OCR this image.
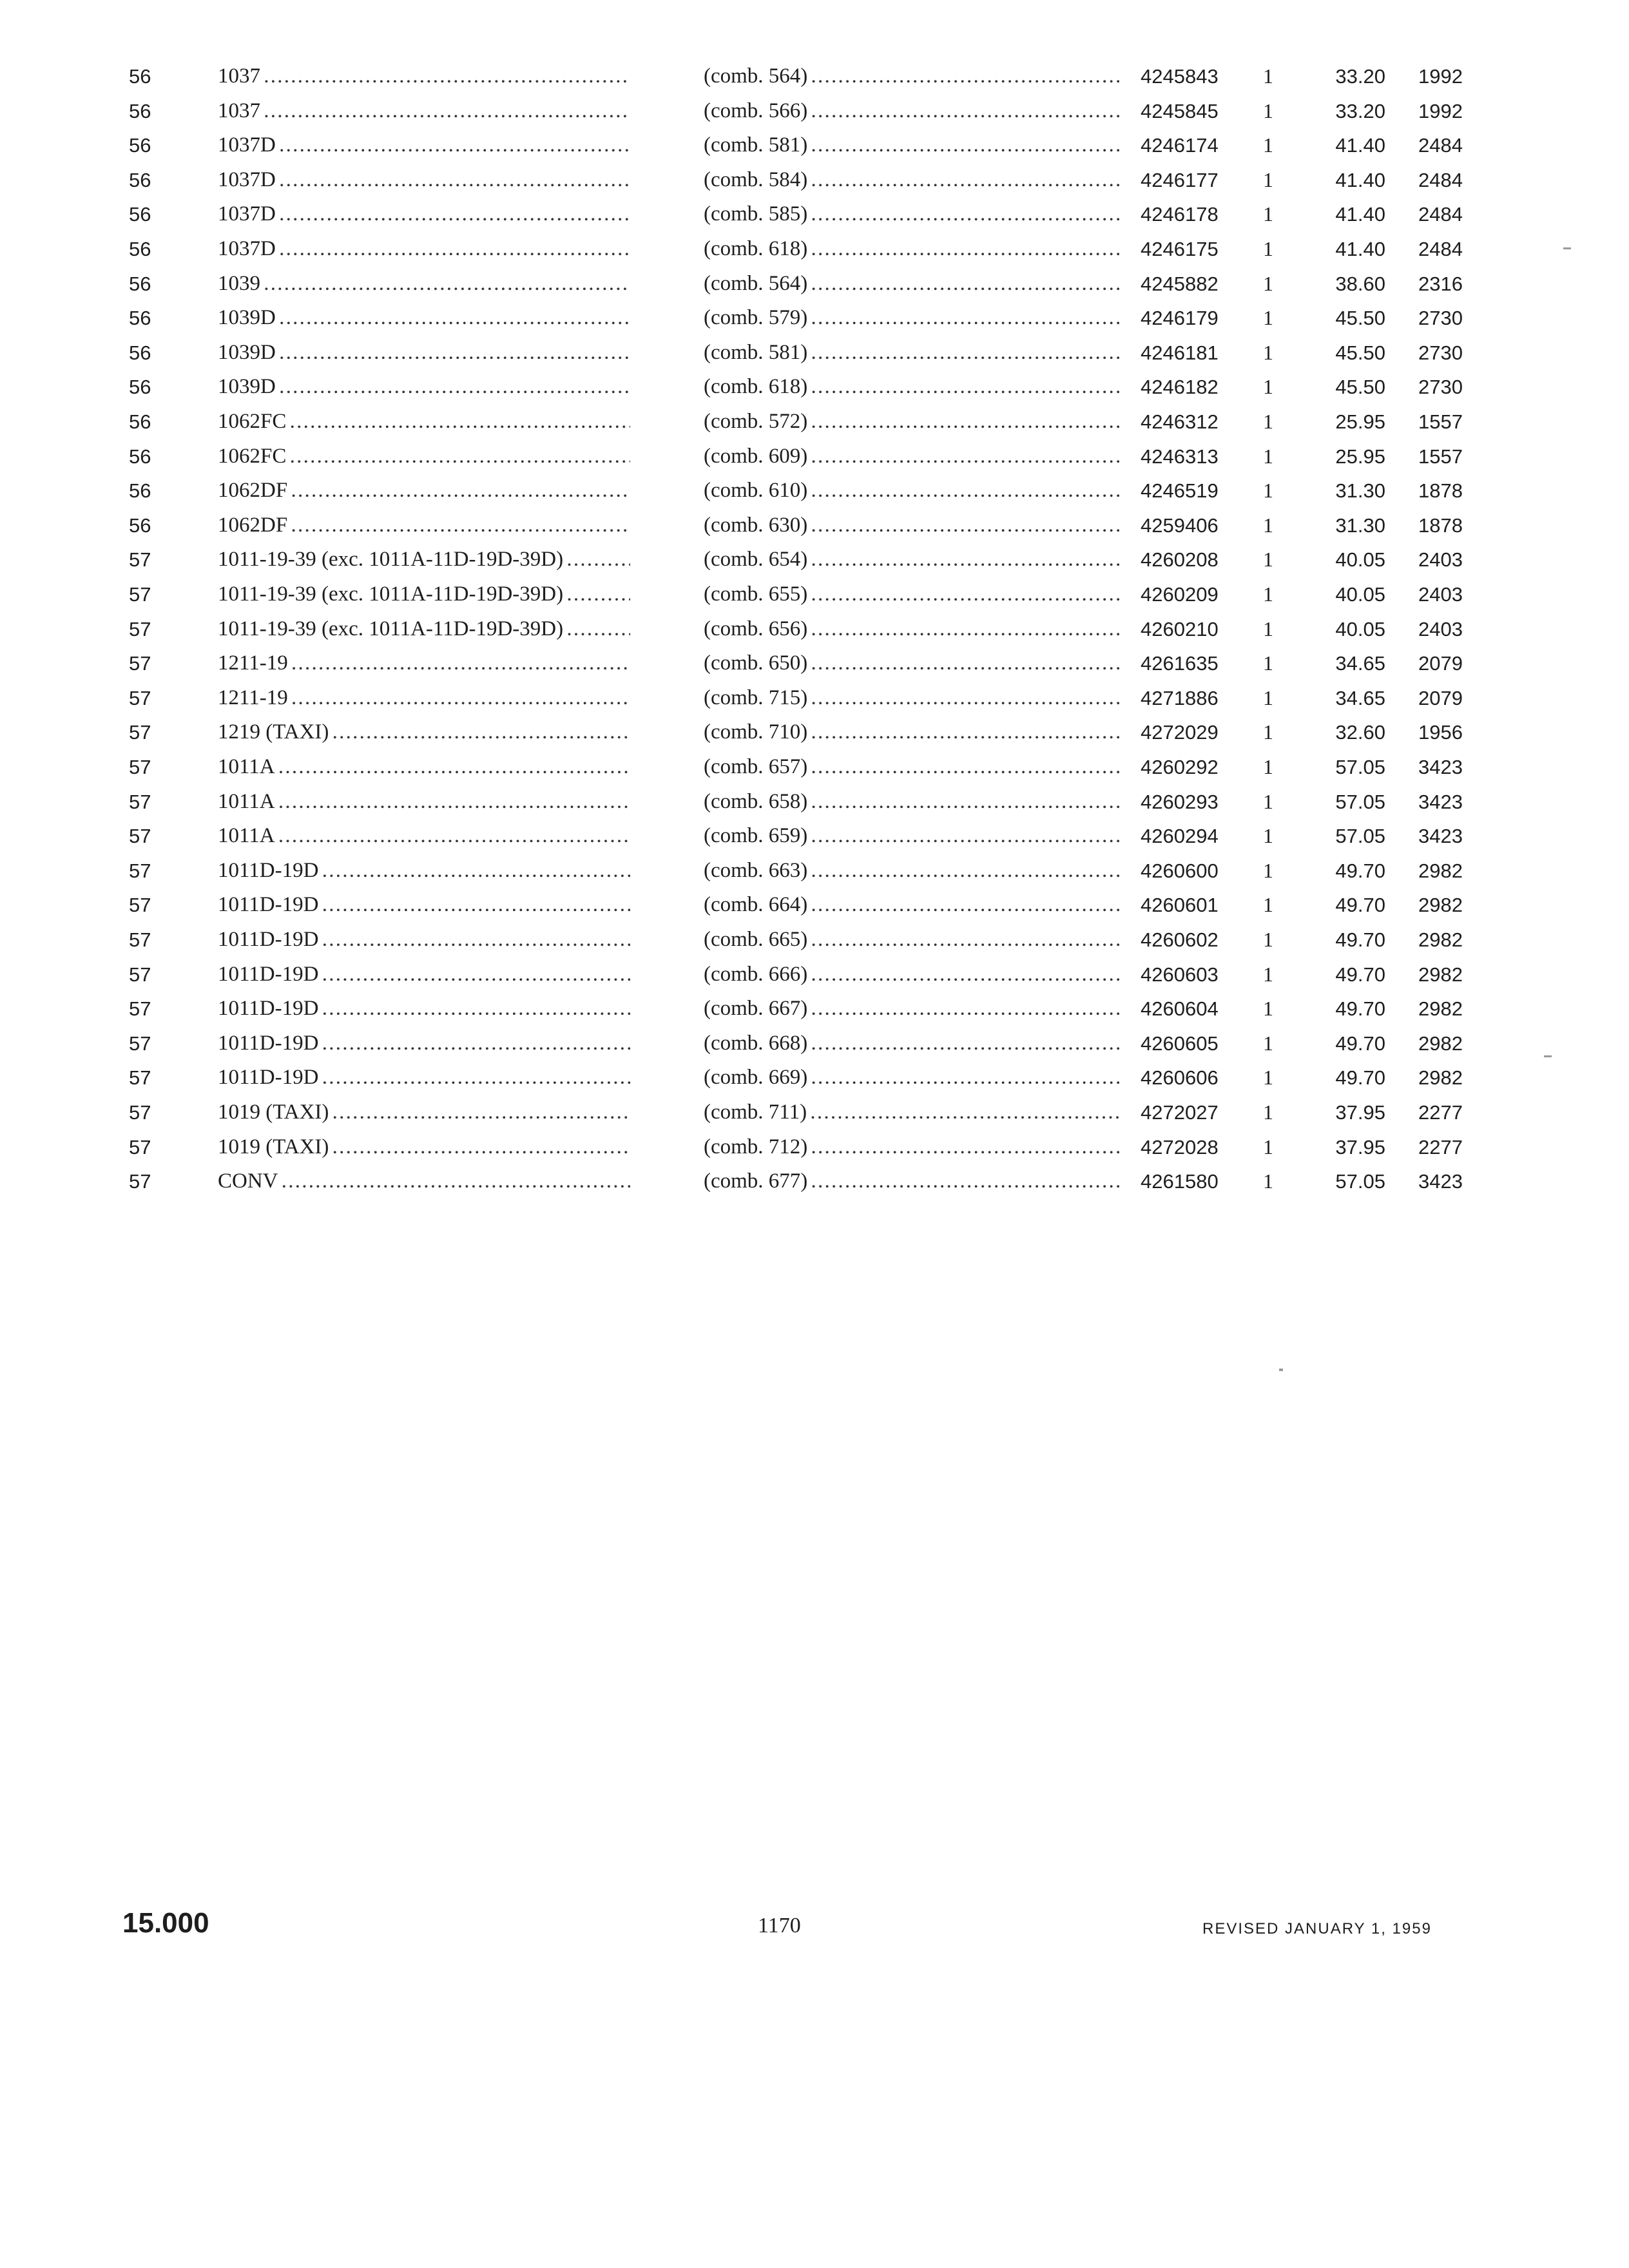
56	1037 . . .	(comb. 564) . . .	4245843 1	33.20	1992
56	1037 . . .	(comb. 566) . . .	4245845 1	33.20	1992
56	1037D . . .	(comb. 581) . . .	4246174 1	41.40	2484
56	1037D . . .	(comb. 584) . . .	4246177 1	41.40	2484
56	1037D . . .	(comb. 585) . . .	4246178 1	41.40	2484
56	1037D . . .	(comb. 618) . . .	4246175 1	41.40	2484
56	1039 . . .	(comb. 564) . . .	4245882 1	38.60	2316
56	1039D . . .	(comb. 579) . . .	4246179 1	45.50	2730
56	1039D . . .	(comb. 581) . . .	4246181 1	45.50	2730
56	1039D . . .	(comb. 618) . . .	4246182 1	45.50	2730
56	1062FC . . .	(comb. 572) . . .	4246312 1	25.95	1557
56	1062FC . . .	(comb. 609) . . .	4246313 1	25.95	1557
56	1062DF . . .	(comb. 610) . . .	4246519 1	31.30	1878
56	1062DF . . .	(comb. 630) . . .	4259406 1	31.30	1878
57	1011-19-39 (exc. 1011A-11D-19D-39D) . . .	(comb. 654) . . .	4260208 1	40.05	2403
57	1011-19-39 (exc. 1011A-11D-19D-39D) . . .	(comb. 655) . . .	4260209 1	40.05	2403
57	1011-19-39 (exc. 1011A-11D-19D-39D) . . .	(comb. 656) . . .	4260210 1	40.05	2403
57	1211-19 . . .	(comb. 650) . . .	4261635 1	34.65	2079
57	1211-19 . . .	(comb. 715) . . .	4271886 1	34.65	2079
57	1219 (TAXI) . . .	(comb. 710) . . .	4272029 1	32.60	1956
57	1011A . . .	(comb. 657) . . .	4260292 1	57.05	3423
57	1011A . . .	(comb. 658) . . .	4260293 1	57.05	3423
57	1011A . . .	(comb. 659) . . .	4260294 1	57.05	3423
57	1011D-19D . . .	(comb. 663) . . .	4260600 1	49.70	2982
57	1011D-19D . . .	(comb. 664) . . .	4260601 1	49.70	2982
57	1011D-19D . . .	(comb. 665) . . .	4260602 1	49.70	2982
57	1011D-19D . . .	(comb. 666) . . .	4260603 1	49.70	2982
57	1011D-19D . . .	(comb. 667) . . .	4260604 1	49.70	2982
57	1011D-19D . . .	(comb. 668) . . .	4260605 1	49.70	2982
57	1011D-19D . . .	(comb. 669) . . .	4260606 1	49.70	2982
57	1019 (TAXI) . . .	(comb. 711) . . .	4272027 1	37.95	2277
57	1019 (TAXI) . . .	(comb. 712) . . .	4272028 1	37.95	2277
57	CONV . . .	(comb. 677) . . .	4261580 1	57.05	3423
15.000	1170	REVISED JANUARY 1, 1959
